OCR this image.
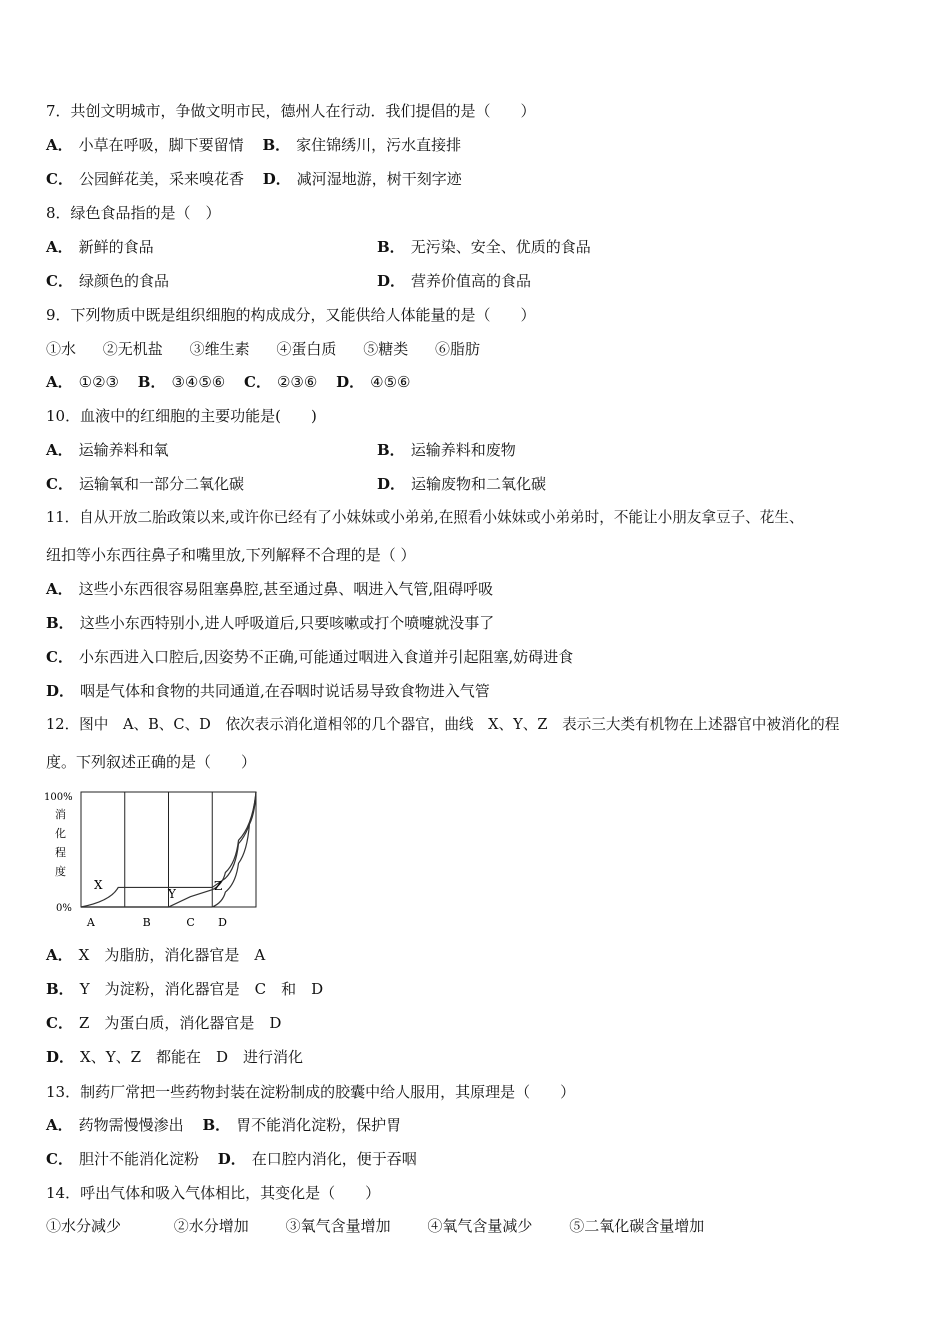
7．共创文明城市，争做文明市民，德州人在行动．我们提倡的是（　　）
A． 小草在呼吸，脚下要留情 B． 家住锦绣川，污水直接排
C． 公园鲜花美，采来嗅花香 D． 减河湿地游，树干刻字迹
8．绿色食品指的是（　）
A． 新鲜的食品	B． 无污染、安全、优质的食品
C． 绿颜色的食品	D． 营养价值高的食品
9．下列物质中既是组织细胞的构成成分，又能供给人体能量的是（　　）
①水 ②无机盐 ③维生素 ④蛋白质 ⑤糖类 ⑥脂肪
A． ①②③ B． ③④⑤⑥ C． ②③⑥ D． ④⑤⑥
10．血液中的红细胞的主要功能是(　　)
A． 运输养料和氧	B． 运输养料和废物
C． 运输氧和一部分二氧化碳	D． 运输废物和二氧化碳
11．自从开放二胎政策以来,或许你已经有了小妹妹或小弟弟,在照看小妹妹或小弟弟时，不能让小朋友拿豆子、花生、
纽扣等小东西往鼻子和嘴里放,下列解释不合理的是（ ）
A． 这些小东西很容易阻塞鼻腔,甚至通过鼻、咽进入气管,阻碍呼吸
B． 这些小东西特别小,进人呼吸道后,只要咳嗽或打个喷嚏就没事了
C． 小东西进入口腔后,因姿势不正确,可能通过咽进入食道并引起阻塞,妨碍进食
D． 咽是气体和食物的共同通道,在吞咽时说话易导致食物进入气管
12．图中　A、B、C、D　依次表示消化道相邻的几个器官，曲线　X、Y、Z　表示三大类有机物在上述器官中被消化的程
度。下列叙述正确的是（　　）
100%
0%
消
化
程
度
A	B	C D
X
Y
Z
A． X　为脂肪，消化器官是　A
B． Y　为淀粉，消化器官是　C　和　D
C． Z　为蛋白质，消化器官是　D
D． X、Y、Z　都能在　D　进行消化
13．制药厂常把一些药物封装在淀粉制成的胶囊中给人服用，其原理是（　　）
A． 药物需慢慢渗出 B． 胃不能消化淀粉，保护胃
C． 胆汁不能消化淀粉 D． 在口腔内消化，便于吞咽
14．呼出气体和吸入气体相比，其变化是（　　）
①水分减少	②水分增加 ③氧气含量增加 ④氧气含量减少 ⑤二氧化碳含量增加
